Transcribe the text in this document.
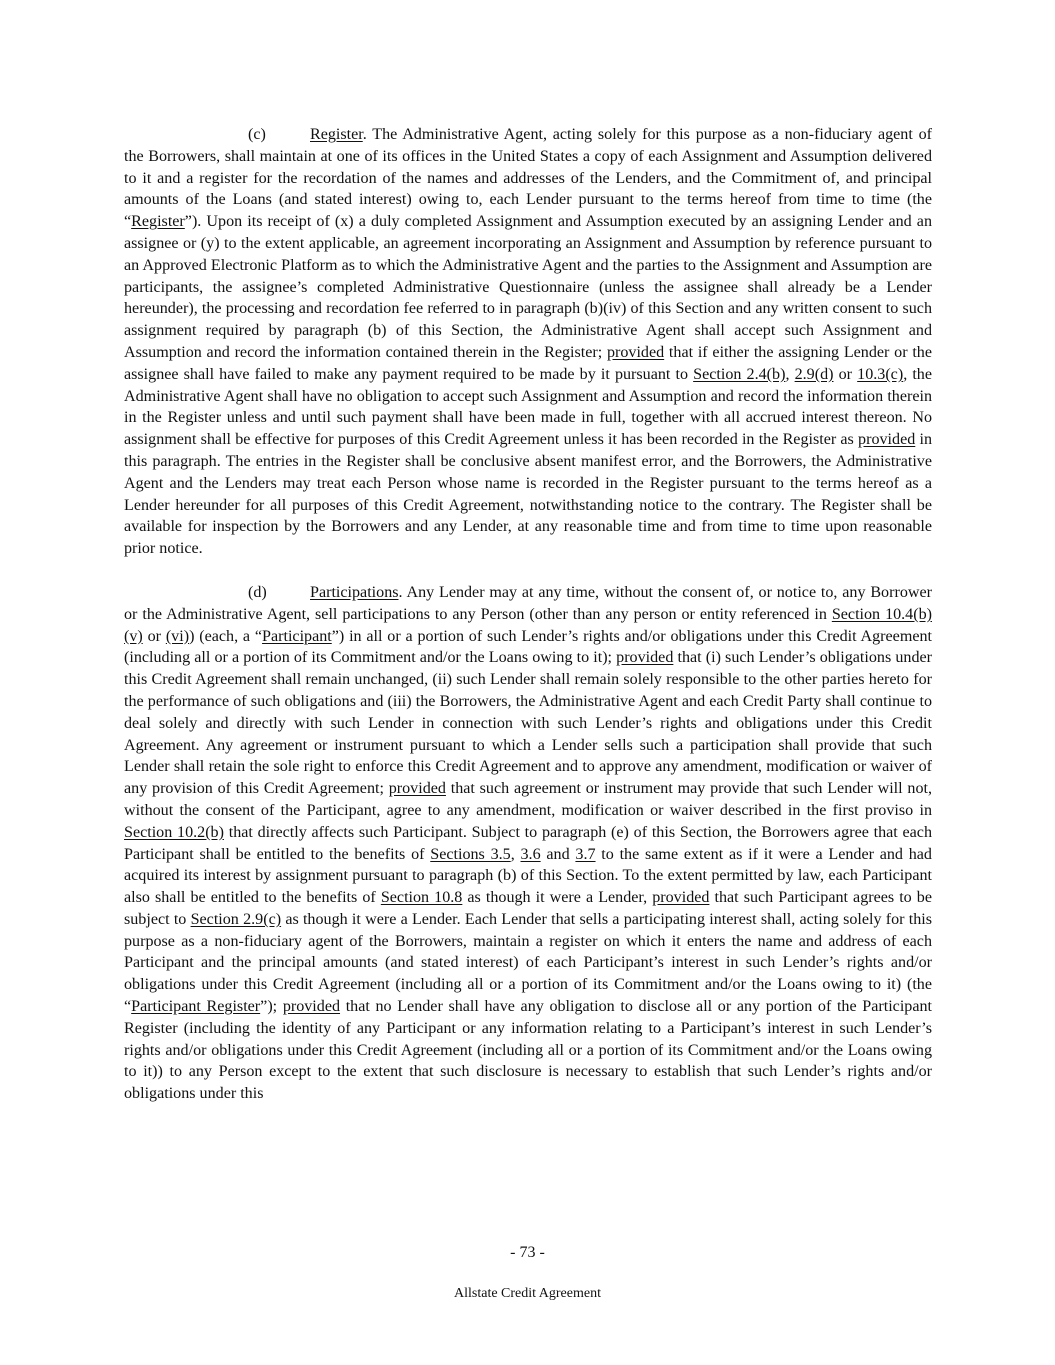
(c)	Register. The Administrative Agent, acting solely for this purpose as a non-fiduciary agent of the Borrowers, shall maintain at one of its offices in the United States a copy of each Assignment and Assumption delivered to it and a register for the recordation of the names and addresses of the Lenders, and the Commitment of, and principal amounts of the Loans (and stated interest) owing to, each Lender pursuant to the terms hereof from time to time (the “Register”). Upon its receipt of (x) a duly completed Assignment and Assumption executed by an assigning Lender and an assignee or (y) to the extent applicable, an agreement incorporating an Assignment and Assumption by reference pursuant to an Approved Electronic Platform as to which the Administrative Agent and the parties to the Assignment and Assumption are participants, the assignee’s completed Administrative Questionnaire (unless the assignee shall already be a Lender hereunder), the processing and recordation fee referred to in paragraph (b)(iv) of this Section and any written consent to such assignment required by paragraph (b) of this Section, the Administrative Agent shall accept such Assignment and Assumption and record the information contained therein in the Register; provided that if either the assigning Lender or the assignee shall have failed to make any payment required to be made by it pursuant to Section 2.4(b), 2.9(d) or 10.3(c), the Administrative Agent shall have no obligation to accept such Assignment and Assumption and record the information therein in the Register unless and until such payment shall have been made in full, together with all accrued interest thereon. No assignment shall be effective for purposes of this Credit Agreement unless it has been recorded in the Register as provided in this paragraph. The entries in the Register shall be conclusive absent manifest error, and the Borrowers, the Administrative Agent and the Lenders may treat each Person whose name is recorded in the Register pursuant to the terms hereof as a Lender hereunder for all purposes of this Credit Agreement, notwithstanding notice to the contrary. The Register shall be available for inspection by the Borrowers and any Lender, at any reasonable time and from time to time upon reasonable prior notice.

(d)	Participations. Any Lender may at any time, without the consent of, or notice to, any Borrower or the Administrative Agent, sell participations to any Person (other than any person or entity referenced in Section 10.4(b)(v) or (vi)) (each, a “Participant”) in all or a portion of such Lender’s rights and/or obligations under this Credit Agreement (including all or a portion of its Commitment and/or the Loans owing to it); provided that (i) such Lender’s obligations under this Credit Agreement shall remain unchanged, (ii) such Lender shall remain solely responsible to the other parties hereto for the performance of such obligations and (iii) the Borrowers, the Administrative Agent and each Credit Party shall continue to deal solely and directly with such Lender in connection with such Lender’s rights and obligations under this Credit Agreement. Any agreement or instrument pursuant to which a Lender sells such a participation shall provide that such Lender shall retain the sole right to enforce this Credit Agreement and to approve any amendment, modification or waiver of any provision of this Credit Agreement; provided that such agreement or instrument may provide that such Lender will not, without the consent of the Participant, agree to any amendment, modification or waiver described in the first proviso in Section 10.2(b) that directly affects such Participant. Subject to paragraph (e) of this Section, the Borrowers agree that each Participant shall be entitled to the benefits of Sections 3.5, 3.6 and 3.7 to the same extent as if it were a Lender and had acquired its interest by assignment pursuant to paragraph (b) of this Section. To the extent permitted by law, each Participant also shall be entitled to the benefits of Section 10.8 as though it were a Lender, provided that such Participant agrees to be subject to Section 2.9(c) as though it were a Lender. Each Lender that sells a participating interest shall, acting solely for this purpose as a non-fiduciary agent of the Borrowers, maintain a register on which it enters the name and address of each Participant and the principal amounts (and stated interest) of each Participant’s interest in such Lender’s rights and/or obligations under this Credit Agreement (including all or a portion of its Commitment and/or the Loans owing to it) (the “Participant Register”); provided that no Lender shall have any obligation to disclose all or any portion of the Participant Register (including the identity of any Participant or any information relating to a Participant’s interest in such Lender’s rights and/or obligations under this Credit Agreement (including all or a portion of its Commitment and/or the Loans owing to it)) to any Person except to the extent that such disclosure is necessary to establish that such Lender’s rights and/or obligations under this

- 73 -
Allstate Credit Agreement
